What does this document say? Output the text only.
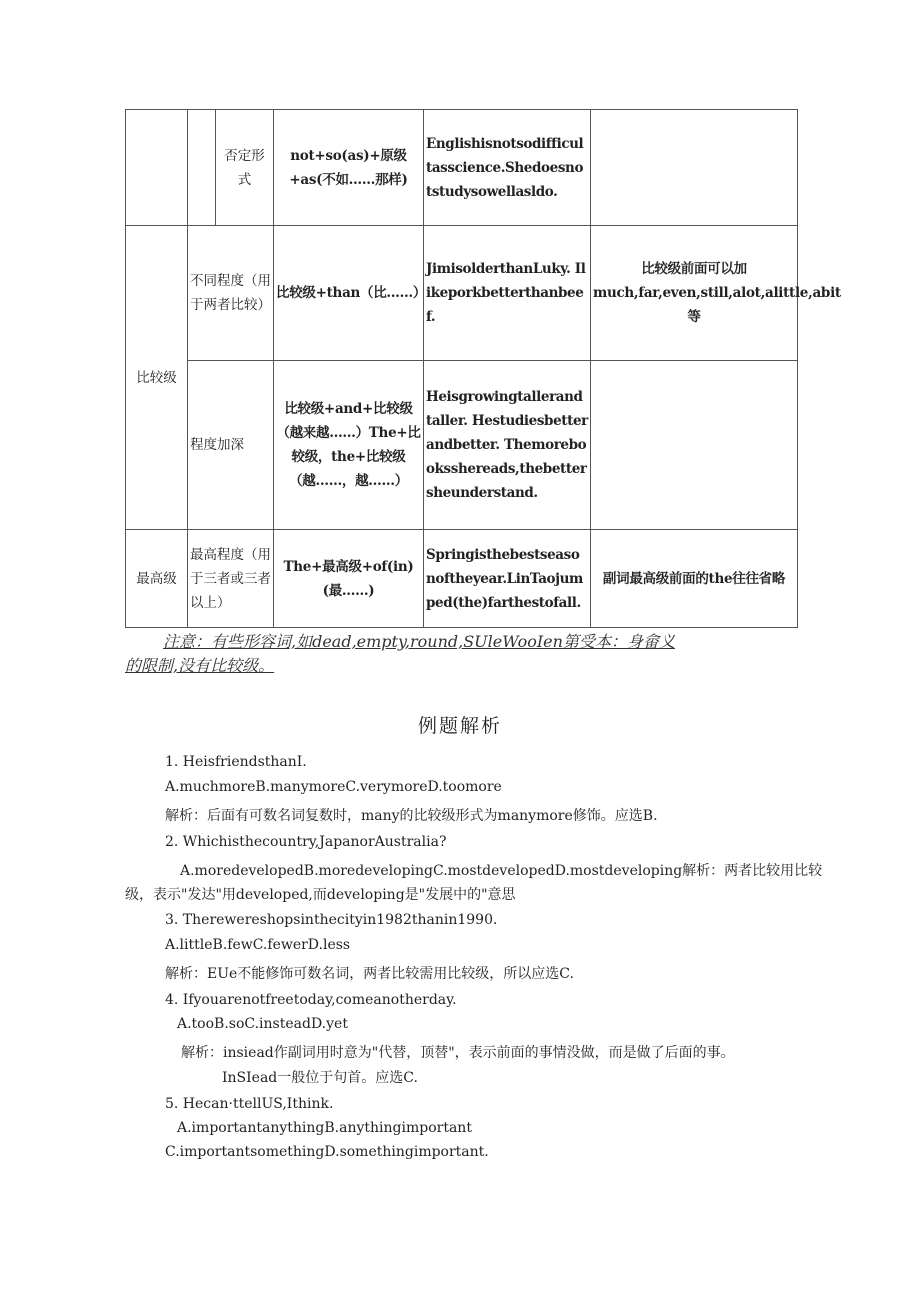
		否定形式	not+so(as)+原级+as(不如……那样)	Englishisnotsodifficultasscience.Shedoesnotstudysowellasldo.	
比较级	不同程度（用于两者比较）		比较级+than（比……）	JimisolderthanLuky. Ilikeporkbetterthanbeef.	比较级前面可以加much,far,even,still,alot,alittle,abit等
	程度加深		比较级+and+比较级（越来越……）The+比较级，the+比较级（越……，越……）	Heisgrowingtallerandtaller. Hestudiesbetterandbetter. Themorebooksshereads,thebettersheunderstand.	
最高级	最高程度（用于三者或三者以上）		The+最高级+of(in)(最……)	Springisthebestseasonoftheyear.LinTaojumped(the)farthestofall.	副词最高级前面的the往往省略
注意：有些形容词,如dead,empty,round,SUleWooIen第受本：身畲义
的限制,没有比较级。
例题解析
1. HeisfriendsthanI.
A.muchmoreB.manymoreC.verymoreD.toomore
解析：后面有可数名词复数时，many的比较级形式为manymore修饰。应选B.
2. Whichisthecountry,JapanorAustralia?
A.moredevelopedB.moredevelopingC.mostdevelopedD.mostdeveloping解析：两者比较用比较
级，表示"发达"用developed,而developing是"发展中的"意思
3. Thereweresh​opsinthecityin1982thanin1990.
A.littleB.fewC.fewerD.less
解析：EUe不能修饰可数名词，两者比较需用比较级，所以应选C.
4. Ifyouarenotfreetoday,comeanotherday.
A.tooB.soC.insteadD.yet
解析：insiead作副词用时意为"代替，顶替"，表示前面的事情没做，而是做了后面的事。
InSIead一般位于句首。应选C.
5. Hecan·ttellUS,Ithink.
A.importantanythingB.anythingimportant
C.importantsomethingD.somethingimportant.
